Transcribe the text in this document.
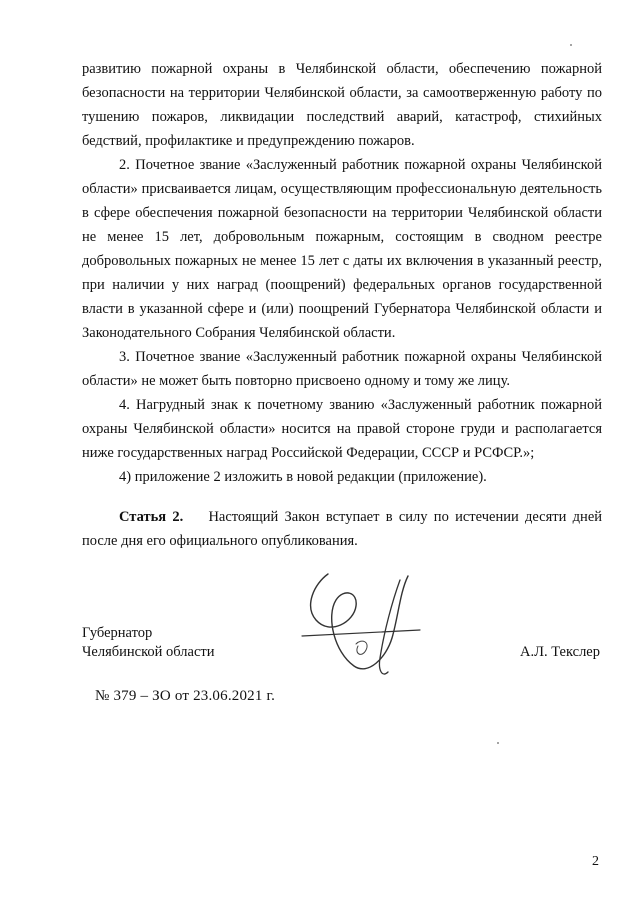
развитию пожарной охраны в Челябинской области, обеспечению пожарной безопасности на территории Челябинской области, за самоотверженную работу по тушению пожаров, ликвидации последствий аварий, катастроф, стихийных бедствий, профилактике и предупреждению пожаров.

2. Почетное звание «Заслуженный работник пожарной охраны Челябинской области» присваивается лицам, осуществляющим профессиональную деятельность в сфере обеспечения пожарной безопасности на территории Челябинской области не менее 15 лет, добровольным пожарным, состоящим в сводном реестре добровольных пожарных не менее 15 лет с даты их включения в указанный реестр, при наличии у них наград (поощрений) федеральных органов государственной власти в указанной сфере и (или) поощрений Губернатора Челябинской области и Законодательного Собрания Челябинской области.

3. Почетное звание «Заслуженный работник пожарной охраны Челябинской области» не может быть повторно присвоено одному и тому же лицу.

4. Нагрудный знак к почетному званию «Заслуженный работник пожарной охраны Челябинской области» носится на правой стороне груди и располагается ниже государственных наград Российской Федерации, СССР и РСФСР.»;

4) приложение 2 изложить в новой редакции (приложение).

Статья 2. Настоящий Закон вступает в силу по истечении десяти дней после дня его официального опубликования.

Губернатор
Челябинской области	А.Л. Текслер
№ 379 – ЗО от 23.06.2021 г.
2
